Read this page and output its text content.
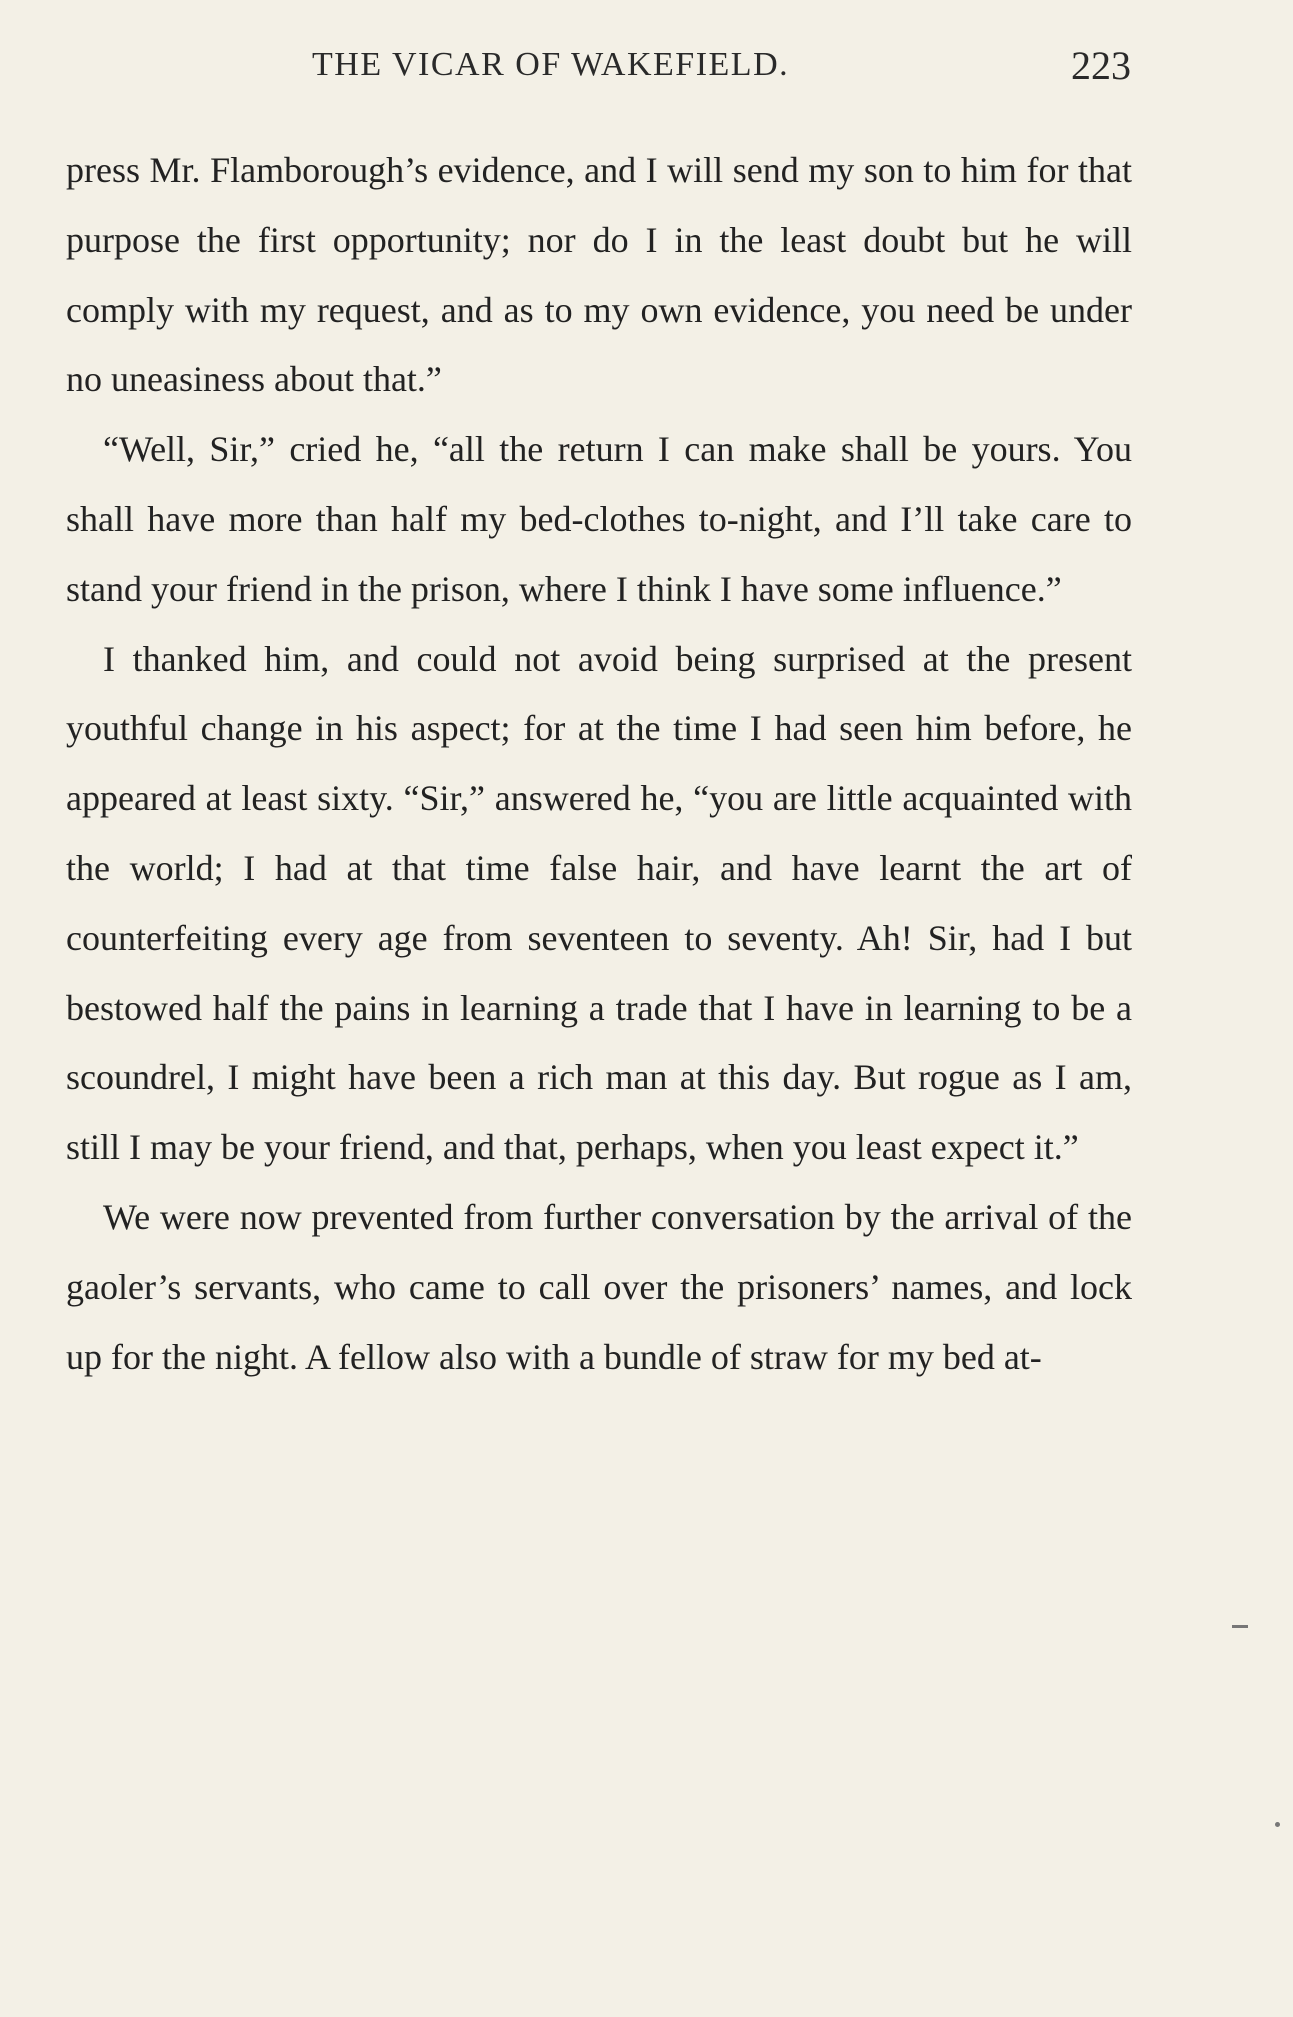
THE VICAR OF WAKEFIELD.	223

press Mr. Flamborough’s evidence, and I will send my son to him for that purpose the first opportunity; nor do I in the least doubt but he will comply with my request, and as to my own evidence, you need be under no uneasiness about that.”

“Well, Sir,” cried he, “all the return I can make shall be yours. You shall have more than half my bed-clothes to-night, and I’ll take care to stand your friend in the prison, where I think I have some influence.”

I thanked him, and could not avoid being surprised at the present youthful change in his aspect; for at the time I had seen him before, he appeared at least sixty. “Sir,” answered he, “you are little acquainted with the world; I had at that time false hair, and have learnt the art of counterfeiting every age from seventeen to seventy. Ah! Sir, had I but bestowed half the pains in learning a trade that I have in learning to be a scoundrel, I might have been a rich man at this day. But rogue as I am, still I may be your friend, and that, perhaps, when you least expect it.”

We were now prevented from further conversation by the arrival of the gaoler’s servants, who came to call over the prisoners’ names, and lock up for the night. A fellow also with a bundle of straw for my bed at-
